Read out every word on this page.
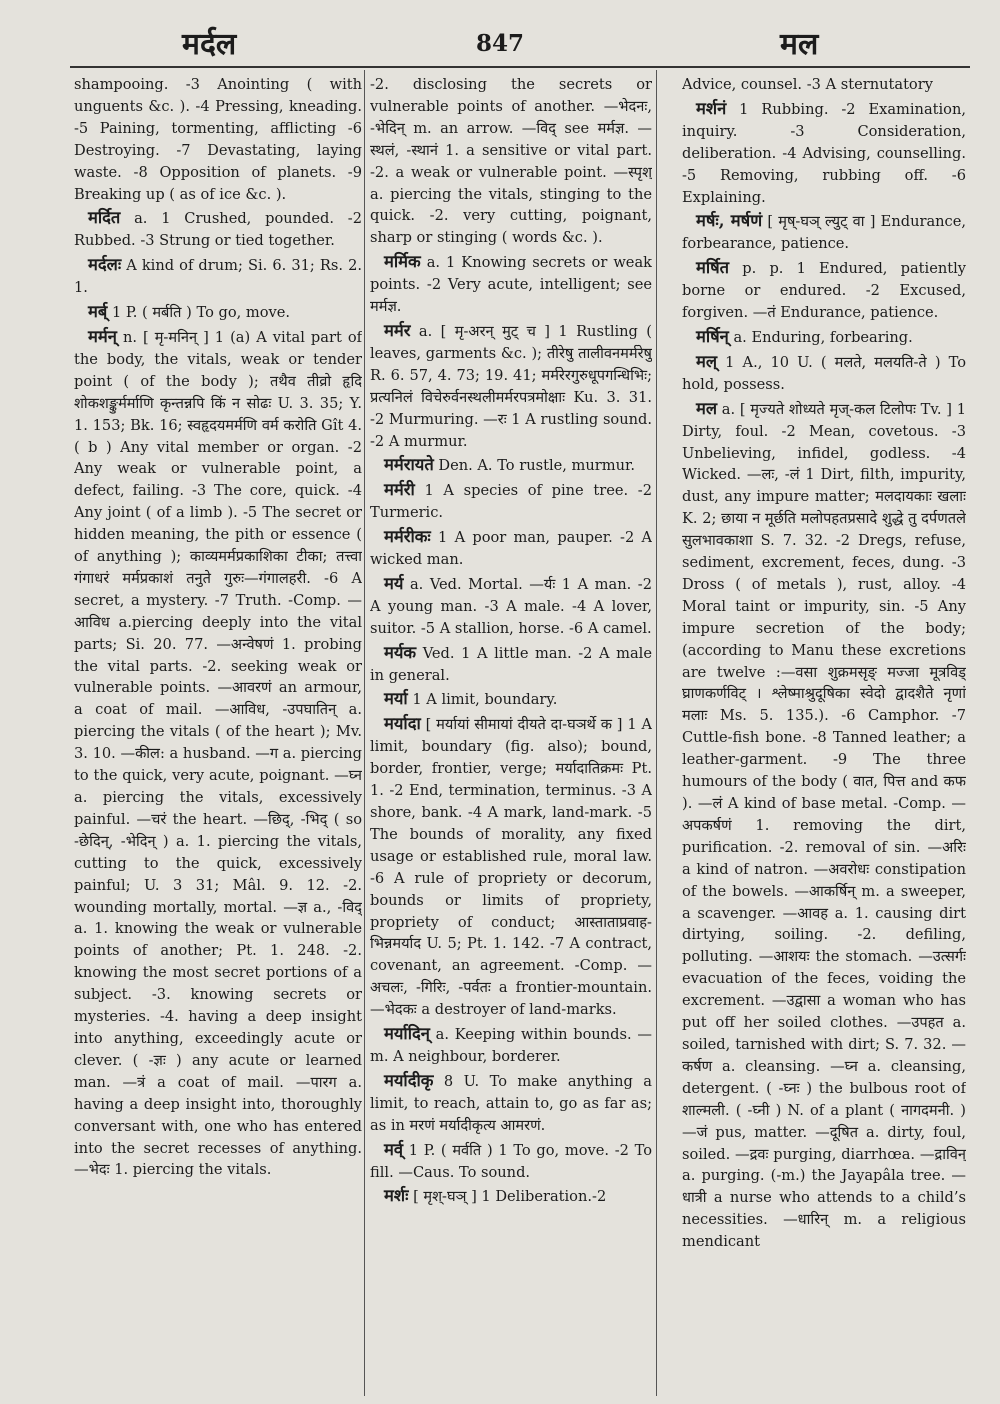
मर्दल	847	मल

shampooing. -3 Anointing ( with unguents &c. ). -4 Pressing, kneading. -5 Paining, tormenting, afflicting -6 Destroying. -7 Devastating, laying waste. -8 Opposition of planets. -9 Breaking up ( as of ice &c. ).

मर्दित a. 1 Crushed, pounded. -2 Rubbed. -3 Strung or tied together.

मर्दलः A kind of drum; Si. 6. 31; Rs. 2. 1.

मर्ब् 1 P. ( मर्बति ) To go, move.

मर्मन् n. [ मृ-मनिन् ] 1 (a) A vital part of the body, the vitals, weak or tender point ( of the body ); तथैव तीव्रो हृदि शोकशङ्कुर्मर्माणि कृन्तन्नपि किं न सोढः U. 3. 35; Y. 1. 153; Bk. 16; स्वहृदयमर्मणि वर्म करोति Gît 4. ( b ) Any vital member or organ. -2 Any weak or vulnerable point, a defect, failing. -3 The core, quick. -4 Any joint ( of a limb ). -5 The secret or hidden meaning, the pith or essence ( of anything ); काव्यमर्मप्रकाशिका टीका; तत्त्वा गंगाधरं मर्मप्रकाशं तनुते गुरुः—गंगालहरी. -6 A secret, a mystery. -7 Truth. -Comp. —आविध a.piercing deeply into the vital parts; Si. 20. 77. —अन्वेषणं 1. probing the vital parts. -2. seeking weak or vulnerable points. —आवरणं an armour, a coat of mail. —आविध, -उपघातिन् a. piercing the vitals ( of the heart ); Mv. 3. 10. —कील: a husband. —ग a. piercing to the quick, very acute, poignant. —घ्न a. piercing the vitals, excessively painful. —चरं the heart. —छिद्, -भिद् ( so -छेदिन्, -भेदिन् ) a. 1. piercing the vitals, cutting to the quick, excessively painful; U. 3 31; Mâl. 9. 12. -2. wounding mortally, mortal. —ज्ञ a., -विद् a. 1. knowing the weak or vulnerable points of another; Pt. 1. 248. -2. knowing the most secret portions of a subject. -3. knowing secrets or mysteries. -4. having a deep insight into anything, exceedingly acute or clever. ( -ज्ञः ) any acute or learned man. —त्रं a coat of mail. —पारग a. having a deep insight into, thoroughly conversant with, one who has entered into the secret recesses of anything. —भेदः 1. piercing the vitals.

-2. disclosing the secrets or vulnerable points of another. —भेदनः, -भेदिन् m. an arrow. —विद् see मर्मज्ञ. —स्थलं, -स्थानं 1. a sensitive or vital part. -2. a weak or vulnerable point. —स्पृश् a. piercing the vitals, stinging to the quick. -2. very cutting, poignant, sharp or stinging ( words &c. ).

मर्मिक a. 1 Knowing secrets or weak points. -2 Very acute, intelligent; see मर्मज्ञ.

मर्मर a. [ मृ-अरन् मुट् च ] 1 Rustling ( leaves, garments &c. ); तीरेषु तालीवनमर्मरेषु R. 6. 57, 4. 73; 19. 41; मर्मरेरगुरुधूपगन्धिभिः; प्रत्यनिलं विचेरुर्वनस्थलीमर्मरपत्रमोक्षाः Ku. 3. 31. -2 Murmuring. —रः 1 A rustling sound. -2 A murmur.

मर्मरायते Den. A. To rustle, murmur.

मर्मरी 1 A species of pine tree. -2 Turmeric.

मर्मरीकः 1 A poor man, pauper. -2 A wicked man.

मर्य a. Ved. Mortal. —र्यः 1 A man. -2 A young man. -3 A male. -4 A lover, suitor. -5 A stallion, horse. -6 A camel.

मर्यक Ved. 1 A little man. -2 A male in general.

मर्या 1 A limit, boundary.

मर्यादा [ मर्यायां सीमायां दीयते दा-घञर्थे क ] 1 A limit, boundary (fig. also); bound, border, frontier, verge; मर्यादातिक्रमः Pt. 1. -2 End, termination, terminus. -3 A shore, bank. -4 A mark, land-mark. -5 The bounds of morality, any fixed usage or established rule, moral law. -6 A rule of propriety or decorum, bounds or limits of propriety, propriety of conduct; आस्ताताप्रवाह-भिन्नमर्याद U. 5; Pt. 1. 142. -7 A contract, covenant, an agreement. -Comp. —अचलः, -गिरिः, -पर्वतः a frontier-mountain. —भेदकः a destroyer of land-marks.

मर्यादिन् a. Keeping within bounds. —m. A neighbour, borderer.

मर्यादीकृ 8 U. To make anything a limit, to reach, attain to, go as far as; as in मरणं मर्यादीकृत्य आमरणं.

मर्व् 1 P. ( मर्वति ) 1 To go, move. -2 To fill. —Caus. To sound.

मर्शः [ मृश्-घञ् ] 1 Deliberation.-2

Advice, counsel. -3 A sternutatory

मर्शनं 1 Rubbing. -2 Examination, inquiry. -3 Consideration, deliberation. -4 Advising, counselling. -5 Removing, rubbing off. -6 Explaining.

मर्षः, मर्षणं [ मृष्-घञ् ल्युट् वा ] Endurance, forbearance, patience.

मर्षित p. p. 1 Endured, patiently borne or endured. -2 Excused, forgiven. —तं Endurance, patience.

मर्षिन् a. Enduring, forbearing.

मल् 1 A., 10 U. ( मलते, मलयति-ते ) To hold, possess.

मल a. [ मृज्यते शोध्यते मृज्-कल टिलोपः Tv. ] 1 Dirty, foul. -2 Mean, covetous. -3 Unbelieving, infidel, godless. -4 Wicked. —लः, -लं 1 Dirt, filth, impurity, dust, any impure matter; मलदायकाः खलाः K. 2; छाया न मूर्छति मलोपहतप्रसादे शुद्धे तु दर्पणतले सुलभावकाशा S. 7. 32. -2 Dregs, refuse, sediment, excrement, feces, dung. -3 Dross ( of metals ), rust, alloy. -4 Moral taint or impurity, sin. -5 Any impure secretion of the body; (according to Manu these excretions are twelve :—वसा शुक्रमसृङ् मज्जा मूत्रविड् घ्राणकर्णविट् । श्लेष्माश्रुदूषिका स्वेदो द्वादशैते नृणां मलाः Ms. 5. 135.). -6 Camphor. -7 Cuttle-fish bone. -8 Tanned leather; a leather-garment. -9 The three humours of the body ( वात, पित्त and कफ ). —लं A kind of base metal. -Comp. —अपकर्षणं 1. removing the dirt, purification. -2. removal of sin. —अरिः a kind of natron. —अवरोधः constipation of the bowels. —आकर्षिन् m. a sweeper, a scavenger. —आवह a. 1. causing dirt dirtying, soiling. -2. defiling, polluting. —आशयः the stomach. —उत्सर्गः evacuation of the feces, voiding the excrement. —उद्वासा a woman who has put off her soiled clothes. —उपहत a. soiled, tarnished with dirt; S. 7. 32. —कर्षण a. cleansing. —घ्न a. cleansing, detergent. ( -घ्नः ) the bulbous root of शाल्मली. ( -घ्नी ) N. of a plant ( नागदमनी. ) —जं pus, matter. —दूषित a. dirty, foul, soiled. —द्रवः purging, diarrhœa. —द्राविन् a. purging. (-m.) the Jayapâla tree. —धात्री a nurse who attends to a child’s necessities. —धारिन् m. a religious mendicant
